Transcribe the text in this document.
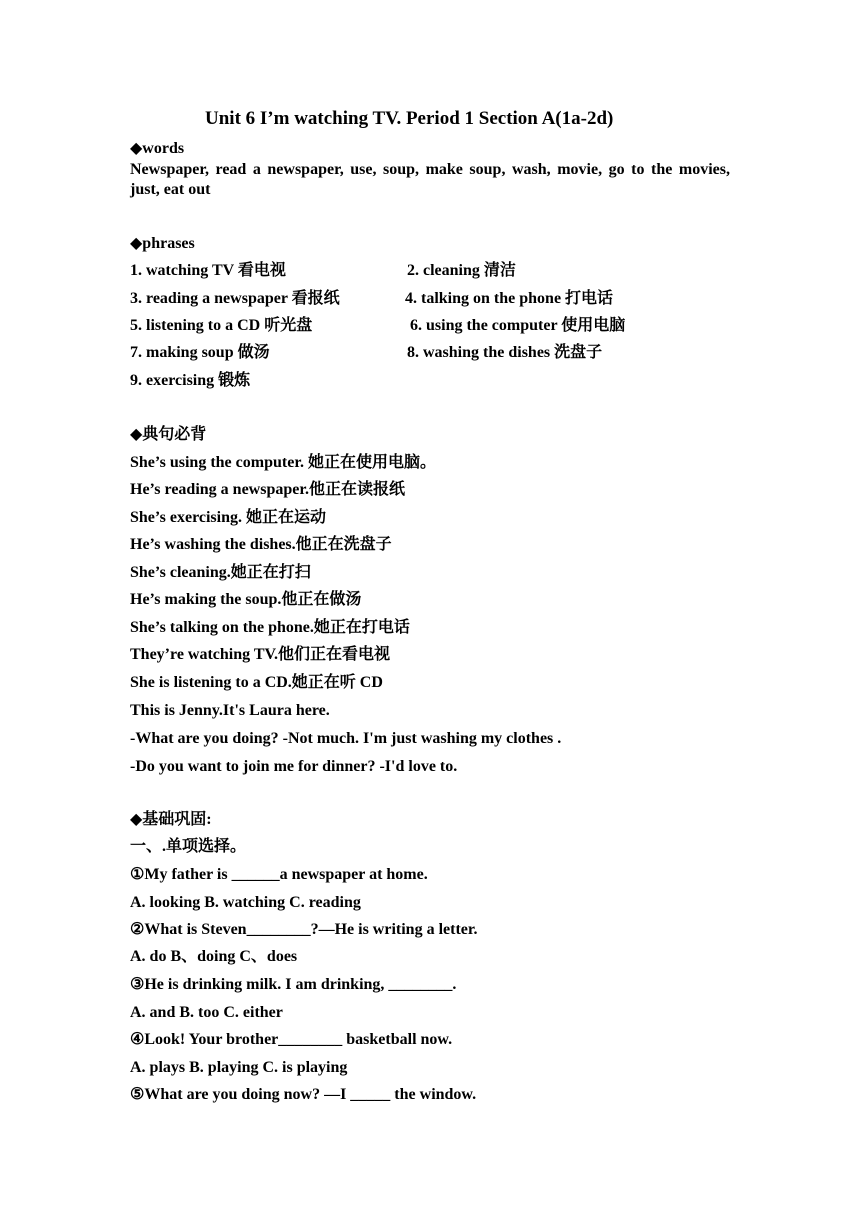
Unit 6 I’m watching TV. Period 1 Section A(1a-2d)
◆words
Newspaper, read a newspaper, use, soup, make soup, wash, movie, go to the movies, just, eat out
◆phrases
1. watching TV 看电视	2. cleaning 清洁
3. reading a newspaper 看报纸	4. talking on the phone 打电话
5. listening to a CD 听光盘	6. using the computer 使用电脑
7. making soup 做汤	8. washing the dishes 洗盘子
9. exercising 锻炼
◆典句必背
She’s using the computer. 她正在使用电脑。
He’s reading a newspaper.他正在读报纸
She’s exercising. 她正在运动
He’s washing the dishes.他正在洗盘子
She’s cleaning.她正在打扫
He’s making the soup.他正在做汤
She’s talking on the phone.她正在打电话
They’re watching TV.他们正在看电视
She is listening to a CD.她正在听 CD
This is Jenny.It's Laura here.
-What are you doing? -Not much. I'm just washing my clothes .
-Do you want to join me for dinner? -I'd love to.
◆基础巩固:
一、.单项选择。
①My father is ______a newspaper at home.
A. looking B. watching C. reading
②What is Steven________?—He is writing a letter.
A. do B、doing C、does
③He is drinking milk. I am drinking, ________.
A. and B. too C. either
④Look! Your brother________ basketball now.
A. plays B. playing C. is playing
⑤What are you doing now? —I _____ the window.
